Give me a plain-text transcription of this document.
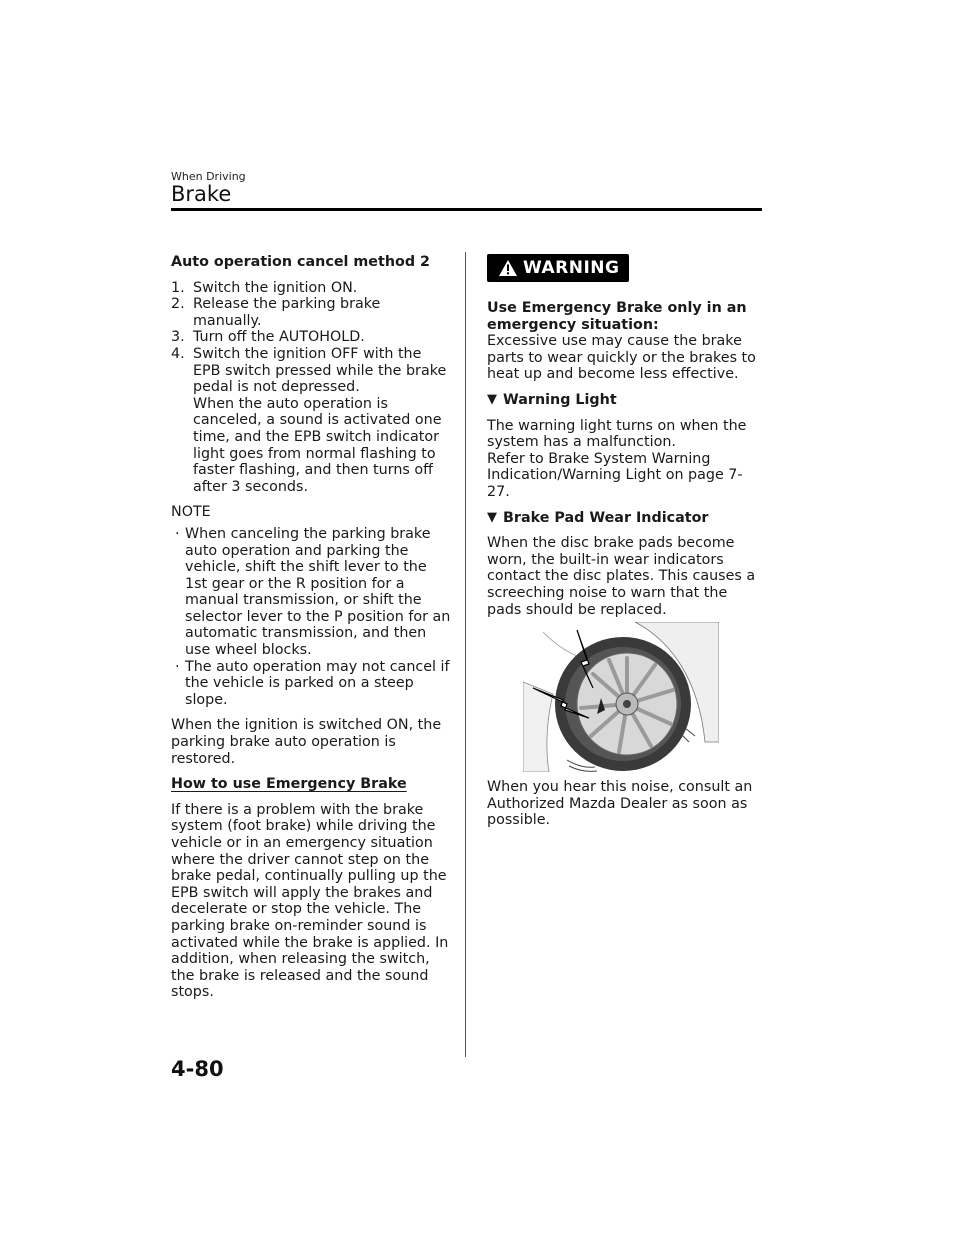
When Driving
Brake

Auto operation cancel method 2

1. Switch the ignition ON.
2. Release the parking brake manually.
3. Turn off the AUTOHOLD.
4. Switch the ignition OFF with the EPB switch pressed while the brake pedal is not depressed.
When the auto operation is canceled, a sound is activated one time, and the EPB switch indicator light goes from normal flashing to faster flashing, and then turns off after 3 seconds.

NOTE

· When canceling the parking brake auto operation and parking the vehicle, shift the shift lever to the 1st gear or the R position for a manual transmission, or shift the selector lever to the P position for an automatic transmission, and then use wheel blocks.
· The auto operation may not cancel if the vehicle is parked on a steep slope.

When the ignition is switched ON, the parking brake auto operation is restored.

How to use Emergency Brake

If there is a problem with the brake system (foot brake) while driving the vehicle or in an emergency situation where the driver cannot step on the brake pedal, continually pulling up the EPB switch will apply the brakes and decelerate or stop the vehicle. The parking brake on-reminder sound is activated while the brake is applied. In addition, when releasing the switch, the brake is released and the sound stops.

WARNING

Use Emergency Brake only in an emergency situation:

Excessive use may cause the brake parts to wear quickly or the brakes to heat up and become less effective.

▼ Warning Light

The warning light turns on when the system has a malfunction.

Refer to Brake System Warning Indication/Warning Light on page 7-27.

▼ Brake Pad Wear Indicator

When the disc brake pads become worn, the built-in wear indicators contact the disc plates. This causes a screeching noise to warn that the pads should be replaced.

When you hear this noise, consult an Authorized Mazda Dealer as soon as possible.

4-80
